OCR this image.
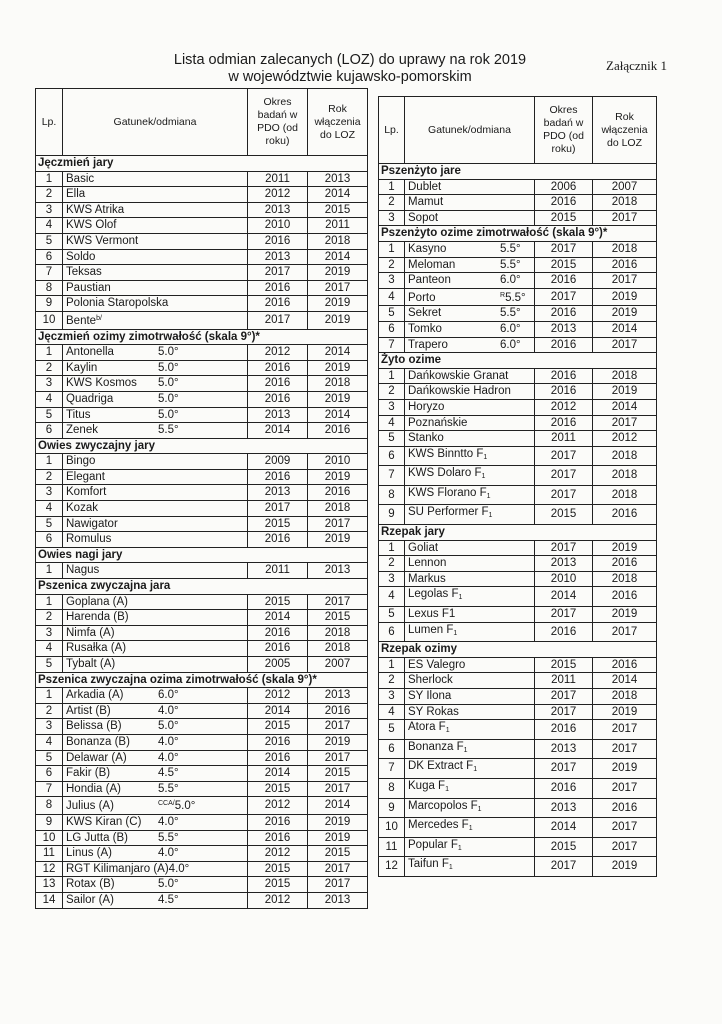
Lista odmian zalecanych (LOZ) do uprawy na rok 2019
w województwie kujawsko-pomorskim
Załącznik 1
Lp.	Gatunek/odmiana	Okres badań w PDO (od roku)	Rok włączenia do LOZ
Jęczmień jary			
1	Basic	2011	2013
2	Ella	2012	2014
3	KWS Atrika	2013	2015
4	KWS Olof	2010	2011
5	KWS Vermont	2016	2018
6	Soldo	2013	2014
7	Teksas	2017	2019
8	Paustian	2016	2017
9	Polonia Staropolska	2016	2019
10	Bente$^{b/}$	2017	2019
Jęczmień ozimy zimotrwałość (skala 9°)*			
1	Antonella 5.0°	2012	2014
2	Kaylin 5.0°	2016	2019
3	KWS Kosmos 5.0°	2016	2018
4	Quadriga 5.0°	2016	2019
5	Titus 5.0°	2013	2014
6	Zenek 5.5°	2014	2016
Owies zwyczajny jary			
1	Bingo	2009	2010
2	Elegant	2016	2019
3	Komfort	2013	2016
4	Kozak	2017	2018
5	Nawigator	2015	2017
6	Romulus	2016	2019
Owies nagi jary			
1	Nagus	2011	2013
Pszenica zwyczajna jara			
1	Goplana (A)	2015	2017
2	Harenda (B)	2014	2015
3	Nimfa (A)	2016	2018
4	Rusałka (A)	2016	2018
5	Tybalt (A)	2005	2007
Pszenica zwyczajna ozima zimotrwałość (skala 9°)*			
1	Arkadia (A) 6.0°	2012	2013
2	Artist (B) 4.0°	2014	2016
3	Belissa (B) 5.0°	2015	2017
4	Bonanza (B) 4.0°	2016	2019
5	Delawar (A) 4.0°	2016	2017
6	Fakir (B) 4.5°	2014	2015
7	Hondia (A) 5.5°	2015	2017
8	Julius (A) $^{CCA/}$5.0°	2012	2014
9	KWS Kiran (C) 4.0°	2016	2019
10	LG Jutta (B) 5.5°	2016	2019
11	Linus (A) 4.0°	2012	2015
12	RGT Kilimanjaro (A)4.0°	2015	2017
13	Rotax (B) 5.0°	2015	2017
14	Sailor (A) 4.5°	2012	2013
Lp.	Gatunek/odmiana	Okres badań w PDO (od roku)	Rok włączenia do LOZ
Pszenżyto jare			
1	Dublet	2006	2007
2	Mamut	2016	2018
3	Sopot	2015	2017
Pszenżyto ozime zimotrwałość (skala 9°)*			
1	Kasyno 5.5°	2017	2018
2	Meloman 5.5°	2015	2016
3	Panteon 6.0°	2016	2017
4	Porto $^R$5.5°	2017	2019
5	Sekret 5.5°	2016	2019
6	Tomko 6.0°	2013	2014
7	Trapero 6.0°	2016	2017
Żyto ozime			
1	Dańkowskie Granat	2016	2018
2	Dańkowskie Hadron	2016	2019
3	Horyzo	2012	2014
4	Poznańskie	2016	2017
5	Stanko	2011	2012
6	KWS Binntto $F_1$	2017	2018
7	KWS Dolaro $F_1$	2017	2018
8	KWS Florano $F_1$	2017	2018
9	SU Performer $F_1$	2015	2016
Rzepak jary			
1	Goliat	2017	2019
2	Lennon	2013	2016
3	Markus	2010	2018
4	Legolas $F_1$	2014	2016
5	Lexus F1	2017	2019
6	Lumen $F_1$	2016	2017
Rzepak ozimy			
1	ES Valegro	2015	2016
2	Sherlock	2011	2014
3	SY Ilona	2017	2018
4	SY Rokas	2017	2019
5	Atora $F_1$	2016	2017
6	Bonanza $F_1$	2013	2017
7	DK Extract $F_1$	2017	2019
8	Kuga $F_1$	2016	2017
9	Marcopolos $F_1$	2013	2016
10	Mercedes $F_1$	2014	2017
11	Popular $F_1$	2015	2017
12	Taifun $F_1$	2017	2019
